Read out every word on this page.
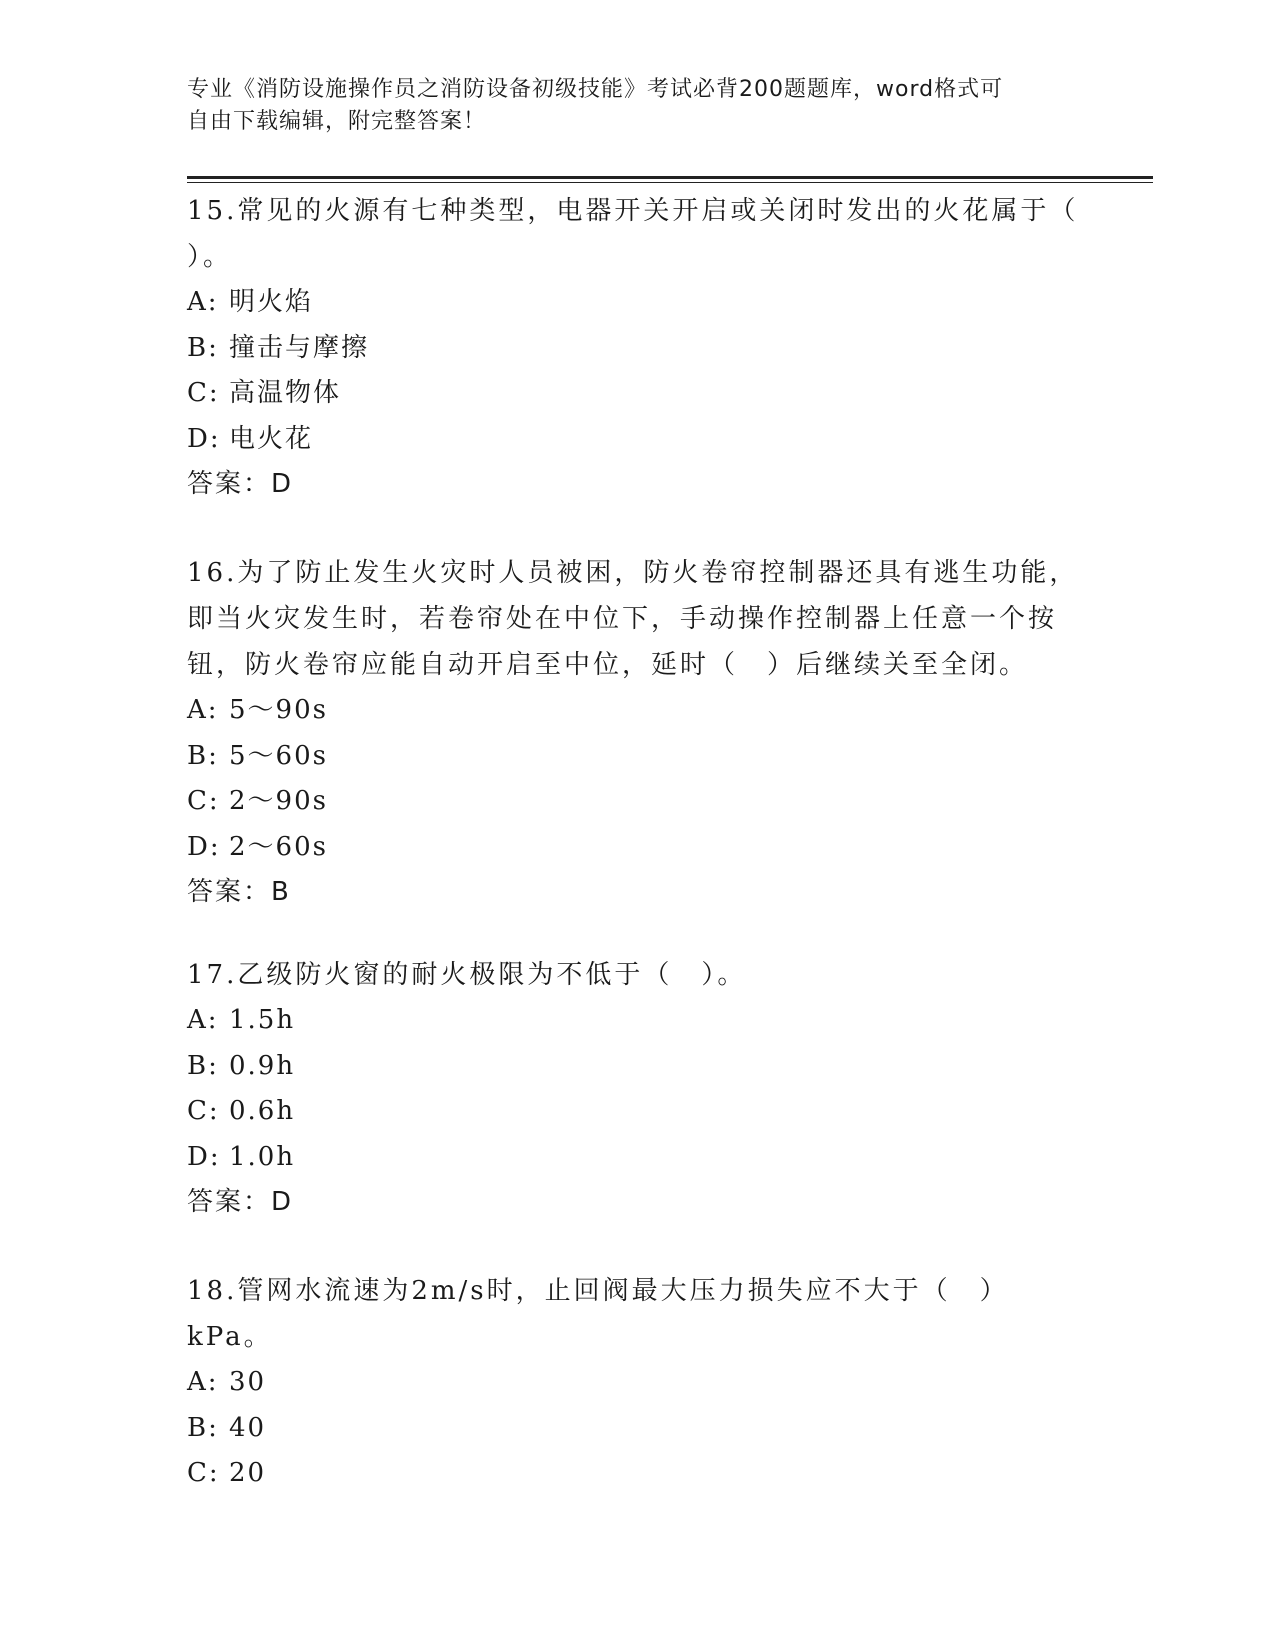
专业《消防设施操作员之消防设备初级技能》考试必背200题题库，word格式可
自由下载编辑，附完整答案！

15.常见的火源有七种类型，电器开关开启或关闭时发出的火花属于（

）。

A: 明火焰

B: 撞击与摩擦

C: 高温物体

D: 电火花

答案：D

16.为了防止发生火灾时人员被困，防火卷帘控制器还具有逃生功能，

即当火灾发生时，若卷帘处在中位下，手动操作控制器上任意一个按

钮，防火卷帘应能自动开启至中位，延时（　）后继续关至全闭。

A: 5～90s

B: 5～60s

C: 2～90s

D: 2～60s

答案：B

17.乙级防火窗的耐火极限为不低于（　）。

A: 1.5h

B: 0.9h

C: 0.6h

D: 1.0h

答案：D

18.管网水流速为2m/s时，止回阀最大压力损失应不大于（　）kPa。

A: 30

B: 40

C: 20
